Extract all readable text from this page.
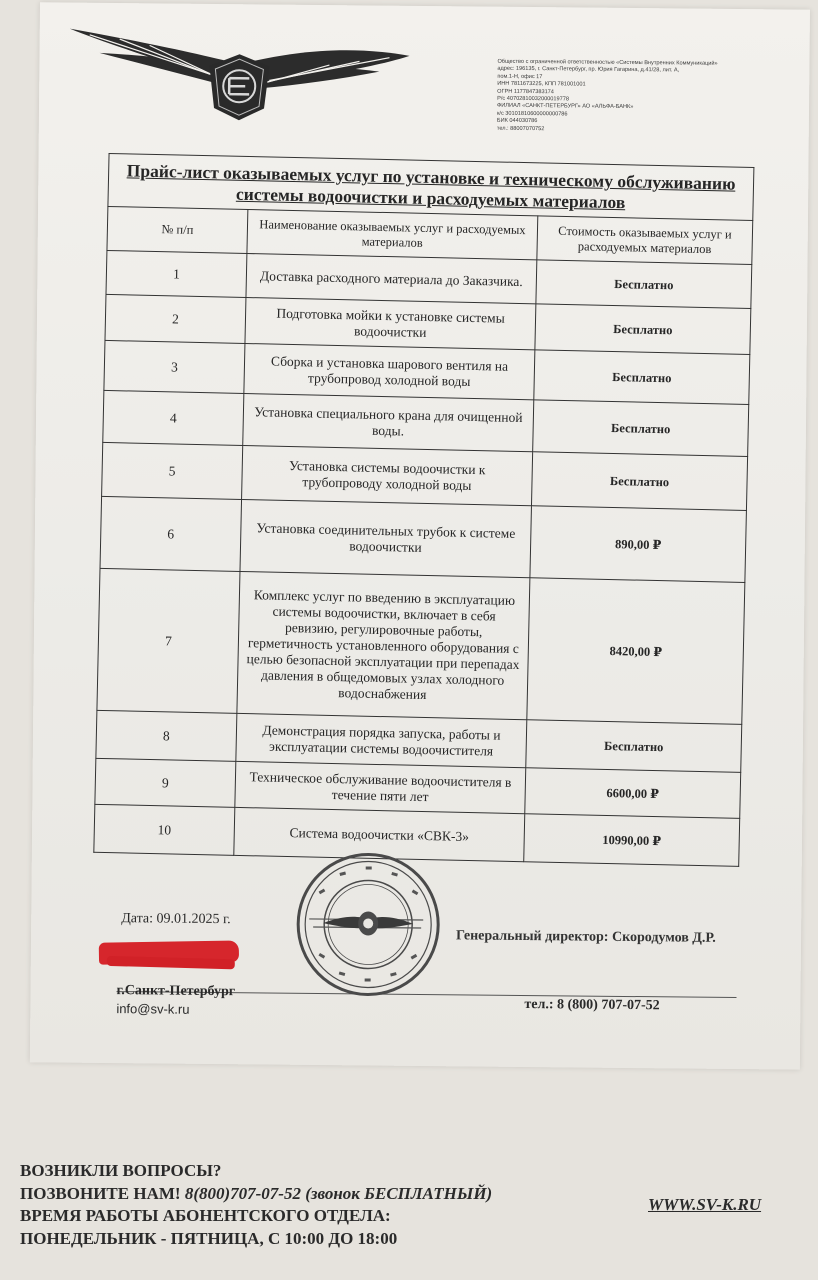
Общество с ограниченной ответственностью «Системы Внутренних Коммуникаций»
адрес: 196135, г. Санкт-Петербург, пр. Юрия Гагарина, д.41/28, лит. А,
пом.1-Н, офис 17
ИНН 7811673225, КПП 781001001
ОГРН 1177847383174
Р/с 40702810032000019778
ФИЛИАЛ «САНКТ-ПЕТЕРБУРГ» АО «АЛЬФА-БАНК»
к/с 30101810600000000786
БИК 044030786
тел.: 88007070752
Прайс-лист оказываемых услуг по установке и техническому обслуживанию системы водоочистки и расходуемых материалов		
№ п/п	Наименование оказываемых услуг и расходуемых материалов	Стоимость оказываемых услуг и расходуемых материалов
1	Доставка расходного материала до Заказчика.	Бесплатно
2	Подготовка мойки к установке системы водоочистки	Бесплатно
3	Сборка и установка шарового вентиля на трубопровод холодной воды	Бесплатно
4	Установка специального крана для очищенной воды.	Бесплатно
5	Установка системы водоочистки к трубопроводу холодной воды	Бесплатно
6	Установка соединительных трубок к системе водоочистки	890,00 ₽
7	Комплекс услуг по введению в эксплуатацию системы водоочистки, включает в себя ревизию, регулировочные работы, герметичность установленного оборудования с целью безопасной эксплуатации при перепадах давления в общедомовых узлах холодного водоснабжения	8420,00 ₽
8	Демонстрация порядка запуска, работы и эксплуатации системы водоочистителя	Бесплатно
9	Техническое обслуживание водоочистителя в течение пяти лет	6600,00 ₽
10	Система водоочистки «СВК-3»	10990,00 ₽
Дата: 09.01.2025 г.
Генеральный директор: Скородумов Д.Р.
г.Санкт-Петербург
info@sv-k.ru	тел.: 8 (800) 707-07-52
ВОЗНИКЛИ ВОПРОСЫ?
ПОЗВОНИТЕ НАМ! 8(800)707-07-52 (звонок БЕСПЛАТНЫЙ)
ВРЕМЯ РАБОТЫ АБОНЕНТСКОГО ОТДЕЛА:
ПОНЕДЕЛЬНИК - ПЯТНИЦА, С 10:00 ДО 18:00
WWW.SV-K.RU
